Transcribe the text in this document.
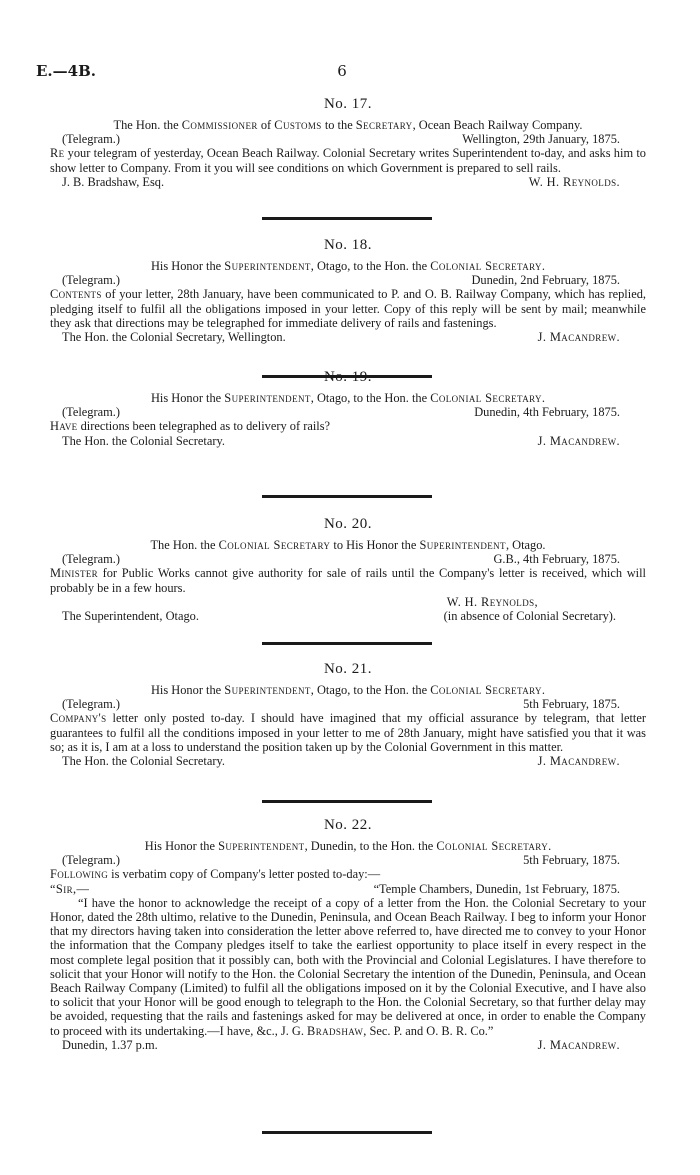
E.—4B.	6
No. 17.
The Hon. the Commissioner of Customs to the Secretary, Ocean Beach Railway Company.
(Telegram.)	Wellington, 29th January, 1875.
Re your telegram of yesterday, Ocean Beach Railway. Colonial Secretary writes Superintendent to-day, and asks him to show letter to Company. From it you will see conditions on which Government is prepared to sell rails.
J. B. Bradshaw, Esq.	W. H. Reynolds.
No. 18.
His Honor the Superintendent, Otago, to the Hon. the Colonial Secretary.
(Telegram.)	Dunedin, 2nd February, 1875.
Contents of your letter, 28th January, have been communicated to P. and O. B. Railway Company, which has replied, pledging itself to fulfil all the obligations imposed in your letter. Copy of this reply will be sent by mail; meanwhile they ask that directions may be telegraphed for immediate delivery of rails and fastenings.
The Hon. the Colonial Secretary, Wellington.	J. Macandrew.
No. 19.
His Honor the Superintendent, Otago, to the Hon. the Colonial Secretary.
(Telegram.)	Dunedin, 4th February, 1875.
Have directions been telegraphed as to delivery of rails?
The Hon. the Colonial Secretary.	J. Macandrew.
No. 20.
The Hon. the Colonial Secretary to His Honor the Superintendent, Otago.
(Telegram.)	G.B., 4th February, 1875.
Minister for Public Works cannot give authority for sale of rails until the Company's letter is received, which will probably be in a few hours.
W. H. Reynolds,
The Superintendent, Otago.	(in absence of Colonial Secretary).
No. 21.
His Honor the Superintendent, Otago, to the Hon. the Colonial Secretary.
(Telegram.)	5th February, 1875.
Company's letter only posted to-day. I should have imagined that my official assurance by telegram, that letter guarantees to fulfil all the conditions imposed in your letter to me of 28th January, might have satisfied you that it was so; as it is, I am at a loss to understand the position taken up by the Colonial Government in this matter.
The Hon. the Colonial Secretary.	J. Macandrew.
No. 22.
His Honor the Superintendent, Dunedin, to the Hon. the Colonial Secretary.
(Telegram.)	5th February, 1875.
Following is verbatim copy of Company's letter posted to-day:—
“Sir,—	“Temple Chambers, Dunedin, 1st February, 1875.
“I have the honor to acknowledge the receipt of a copy of a letter from the Hon. the Colonial Secretary to your Honor, dated the 28th ultimo, relative to the Dunedin, Peninsula, and Ocean Beach Railway. I beg to inform your Honor that my directors having taken into consideration the letter above referred to, have directed me to convey to your Honor the information that the Company pledges itself to take the earliest opportunity to place itself in every respect in the most complete legal position that it possibly can, both with the Provincial and Colonial Legislatures. I have therefore to solicit that your Honor will notify to the Hon. the Colonial Secretary the intention of the Dunedin, Peninsula, and Ocean Beach Railway Company (Limited) to fulfil all the obligations imposed on it by the Colonial Executive, and I have also to solicit that your Honor will be good enough to telegraph to the Hon. the Colonial Secretary, so that further delay may be avoided, requesting that the rails and fastenings asked for may be delivered at once, in order to enable the Company to proceed with its undertaking.—I have, &c., J. G. Bradshaw, Sec. P. and O. B. R. Co.”
Dunedin, 1.37 p.m.	J. Macandrew.
